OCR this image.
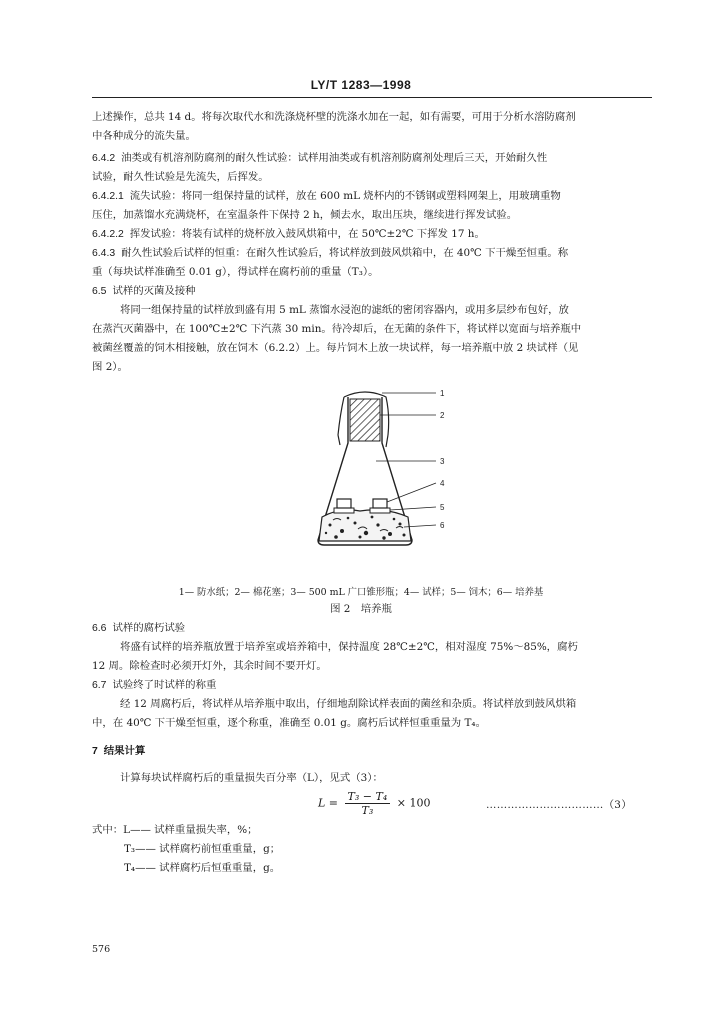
LY/T 1283—1998
上述操作，总共 14 d。将每次取代水和洗涤烧杯壁的洗涤水加在一起，如有需要，可用于分析水溶防腐剂
中各种成分的流失量。
6.4.2 油类或有机溶剂防腐剂的耐久性试验：试样用油类或有机溶剂防腐剂处理后三天，开始耐久性
试验，耐久性试验是先流失，后挥发。
6.4.2.1 流失试验：将同一组保持量的试样，放在 600 mL 烧杯内的不锈钢或塑料网架上，用玻璃重物
压住，加蒸馏水充满烧杯，在室温条件下保持 2 h，倾去水，取出压块，继续进行挥发试验。
6.4.2.2 挥发试验：将装有试样的烧杯放入鼓风烘箱中，在 50℃±2℃ 下挥发 17 h。
6.4.3 耐久性试验后试样的恒重：在耐久性试验后，将试样放到鼓风烘箱中，在 40℃ 下干燥至恒重。称
重（每块试样准确至 0.01 g），得试样在腐朽前的重量（T₃）。
6.5 试样的灭菌及接种
将同一组保持量的试样放到盛有用 5 mL 蒸馏水浸泡的滤纸的密闭容器内，或用多层纱布包好，放
在蒸汽灭菌器中，在 100℃±2℃ 下汽蒸 30 min。待冷却后，在无菌的条件下，将试样以宽面与培养瓶中
被菌丝覆盖的饲木相接触，放在饲木（6.2.2）上。每片饲木上放一块试样，每一培养瓶中放 2 块试样（见
图 2）。
1
2
3
4
5
6
1— 防水纸；2— 棉花塞；3— 500 mL 广口锥形瓶；4— 试样；5— 饲木；6— 培养基
图 2　培养瓶
6.6 试样的腐朽试验
将盛有试样的培养瓶放置于培养室或培养箱中，保持温度 28℃±2℃，相对湿度 75%～85%，腐朽
12 周。除检查时必须开灯外，其余时间不要开灯。
6.7 试验终了时试样的称重
经 12 周腐朽后，将试样从培养瓶中取出，仔细地刮除试样表面的菌丝和杂质。将试样放到鼓风烘箱
中，在 40℃ 下干燥至恒重，逐个称重，准确至 0.01 g。腐朽后试样恒重重量为 T₄。
7 结果计算
计算每块试样腐朽后的重量损失百分率（L），见式（3）：
$L = \frac{\text{T₃ − T₄}}{\text{T₃}} \times 100$	……………………………（3）
式中：L—— 试样重量损失率，%；
T₃—— 试样腐朽前恒重重量，g；
T₄—— 试样腐朽后恒重重量，g。
576
